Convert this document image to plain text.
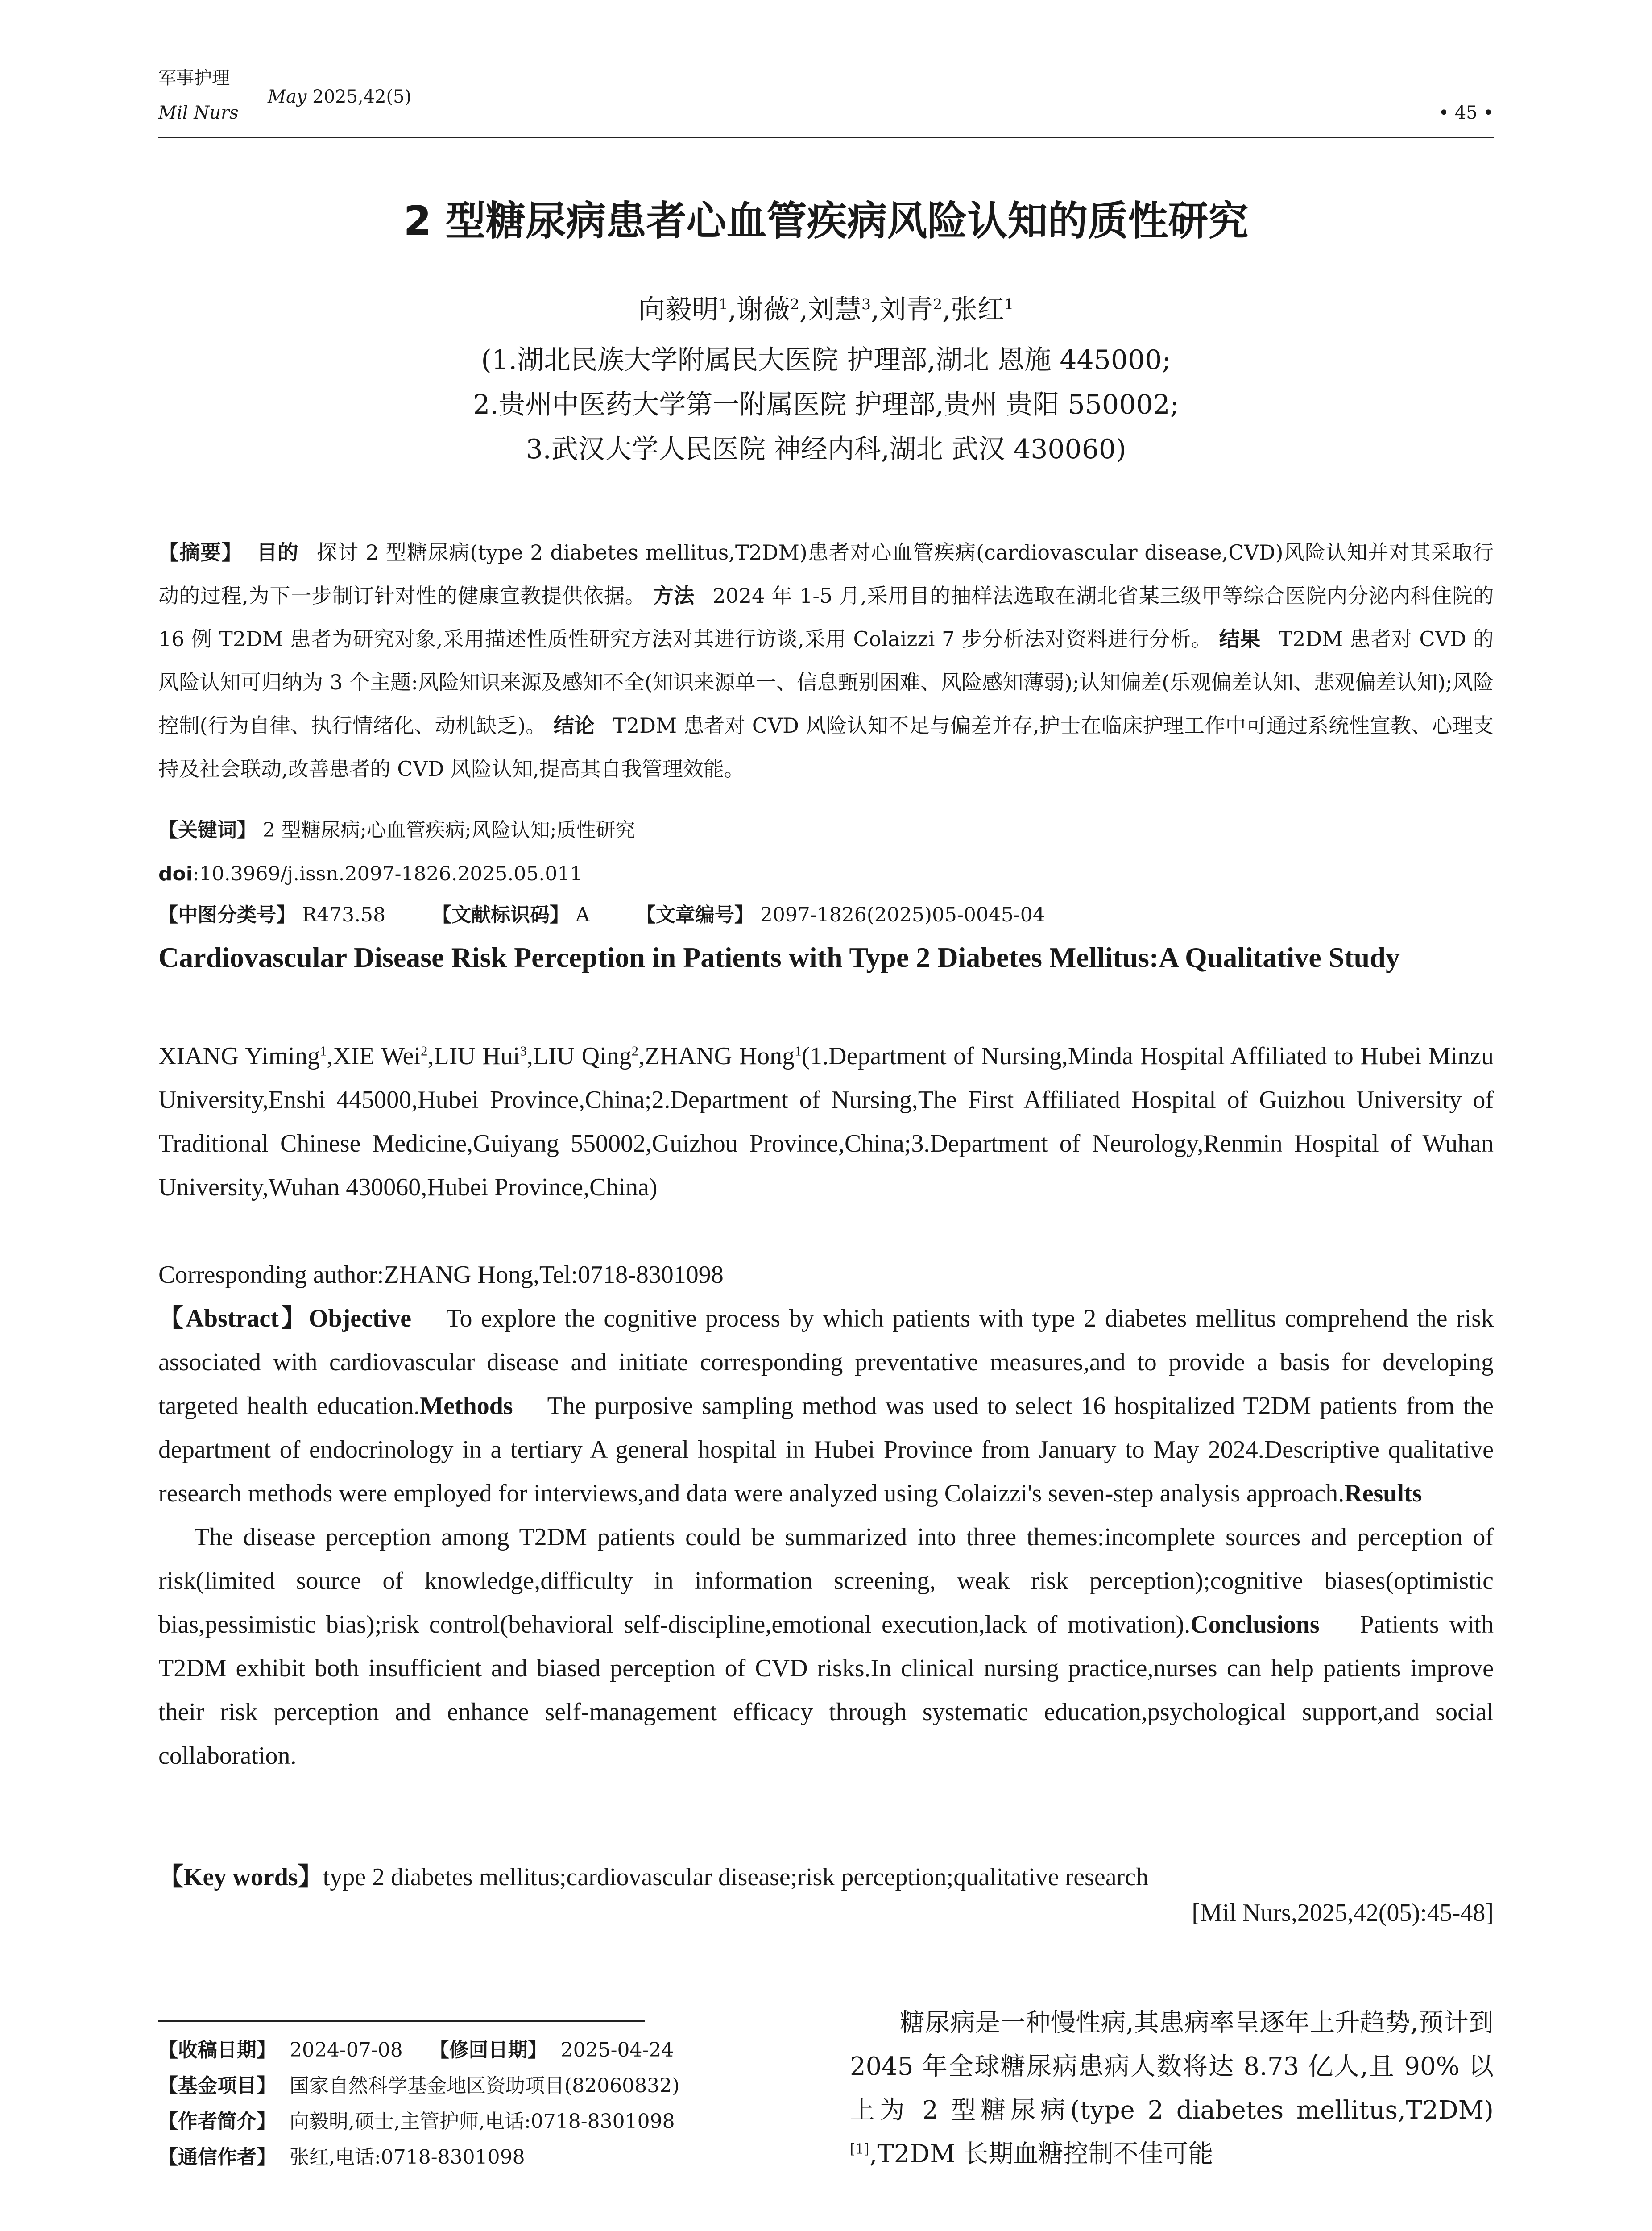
军事护理
Mil Nurs
May 2025,42(5)
• 45 •
2 型糖尿病患者心血管疾病风险认知的质性研究
向毅明$^1$,谢薇$^2$,刘慧$^3$,刘青$^2$,张红$^1$
(1.湖北民族大学附属民大医院 护理部,湖北 恩施 445000;
2.贵州中医药大学第一附属医院 护理部,贵州 贵阳 550002;
3.武汉大学人民医院 神经内科,湖北 武汉 430060)
【摘要】 目的 探讨 2 型糖尿病(type 2 diabetes mellitus,T2DM)患者对心血管疾病(cardiovascular disease,CVD)风险认知并对其采取行动的过程,为下一步制订针对性的健康宣教提供依据。 方法 2024 年 1-5 月,采用目的抽样法选取在湖北省某三级甲等综合医院内分泌内科住院的 16 例 T2DM 患者为研究对象,采用描述性质性研究方法对其进行访谈,采用 Colaizzi 7 步分析法对资料进行分析。 结果 T2DM 患者对 CVD 的风险认知可归纳为 3 个主题:风险知识来源及感知不全(知识来源单一、信息甄别困难、风险感知薄弱);认知偏差(乐观偏差认知、悲观偏差认知);风险控制(行为自律、执行情绪化、动机缺乏)。 结论 T2DM 患者对 CVD 风险认知不足与偏差并存,护士在临床护理工作中可通过系统性宣教、心理支持及社会联动,改善患者的 CVD 风险认知,提高其自我管理效能。
【关键词】 2 型糖尿病;心血管疾病;风险认知;质性研究
doi:10.3969/j.issn.2097-1826.2025.05.011
【中图分类号】 R473.58 【文献标识码】 A 【文章编号】 2097-1826(2025)05-0045-04
Cardiovascular Disease Risk Perception in Patients with Type 2 Diabetes Mellitus:A Qualitative Study
XIANG Yiming$^1$,XIE Wei$^2$,LIU Hui$^3$,LIU Qing$^2$,ZHANG Hong$^1$(1.Department of Nursing,Minda Hospital Affiliated to Hubei Minzu University,Enshi 445000,Hubei Province,China;2.Department of Nursing,The First Affiliated Hospital of Guizhou University of Traditional Chinese Medicine,Guiyang 550002,Guizhou Province,China;3.Department of Neurology,Renmin Hospital of Wuhan University,Wuhan 430060,Hubei Province,China)
Corresponding author:ZHANG Hong,Tel:0718-8301098
【Abstract】Objective To explore the cognitive process by which patients with type 2 diabetes mellitus comprehend the risk associated with cardiovascular disease and initiate corresponding preventative measures,and to provide a basis for developing targeted health education.Methods The purposive sampling method was used to select 16 hospitalized T2DM patients from the department of endocrinology in a tertiary A general hospital in Hubei Province from January to May 2024.Descriptive qualitative research methods were employed for interviews,and data were analyzed using Colaizzi's seven-step analysis approach.Results
The disease perception among T2DM patients could be summarized into three themes:incomplete sources and perception of risk(limited source of knowledge,difficulty in information screening, weak risk perception);cognitive biases(optimistic bias,pessimistic bias);risk control(behavioral self-discipline,emotional execution,lack of motivation).Conclusions Patients with T2DM exhibit both insufficient and biased perception of CVD risks.In clinical nursing practice,nurses can help patients improve their risk perception and enhance self-management efficacy through systematic education,psychological support,and social collaboration.
【Key words】type 2 diabetes mellitus;cardiovascular disease;risk perception;qualitative research
[Mil Nurs,2025,42(05):45-48]
【收稿日期】 2024-07-08 【修回日期】 2025-04-24
【基金项目】 国家自然科学基金地区资助项目(82060832)
【作者简介】 向毅明,硕士,主管护师,电话:0718-8301098
【通信作者】 张红,电话:0718-8301098

糖尿病是一种慢性病,其患病率呈逐年上升趋势,预计到 2045 年全球糖尿病患病人数将达 8.73 亿人,且 90% 以上为 2 型糖尿病(type 2 diabetes mellitus,T2DM)[1],T2DM 长期血糖控制不佳可能
